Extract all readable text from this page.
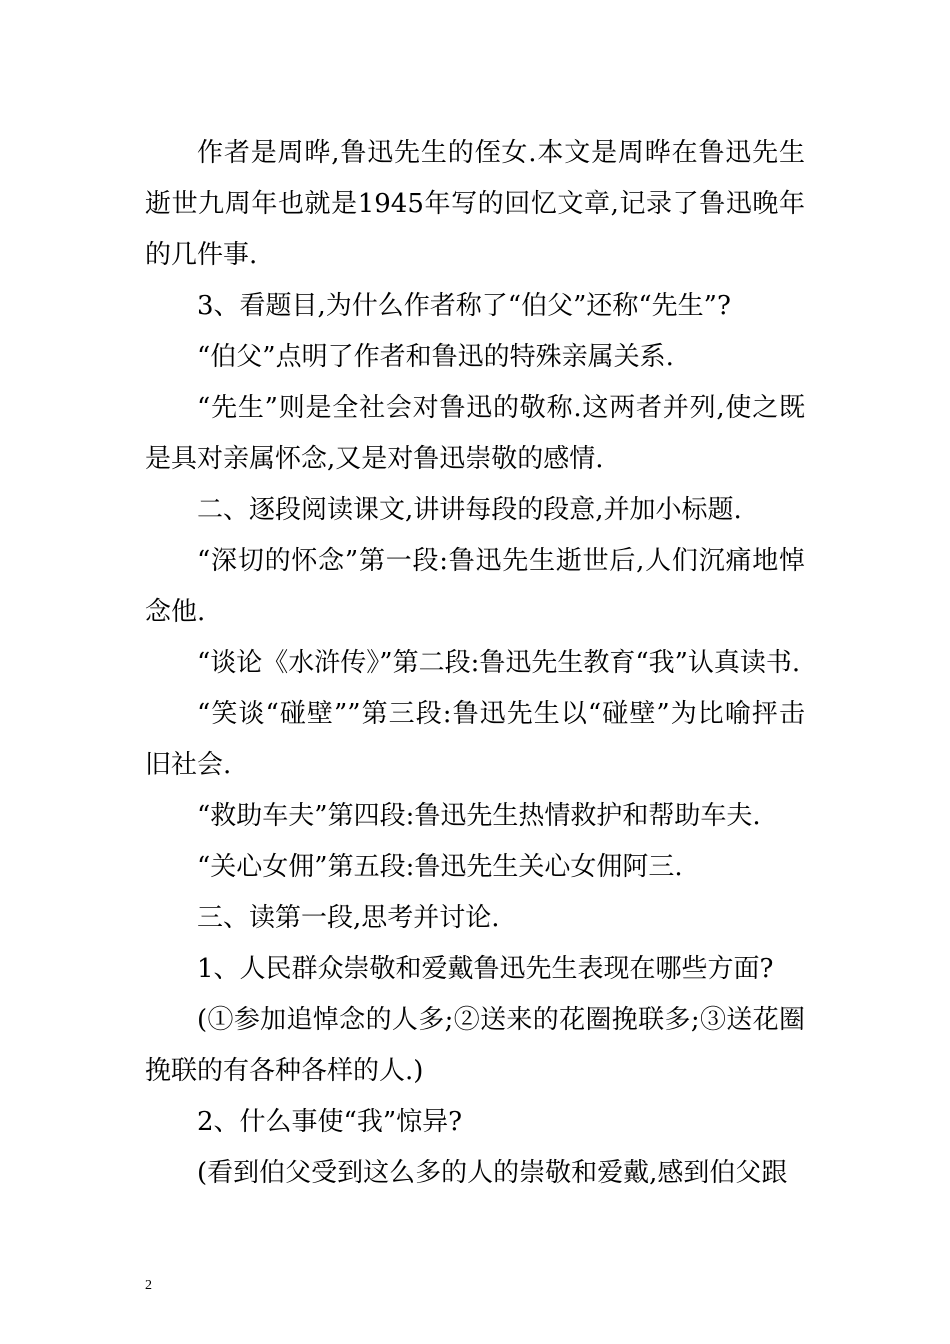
作者是周晔,鲁迅先生的侄女.本文是周晔在鲁迅先生逝世九周年也就是1945年写的回忆文章,记录了鲁迅晚年的几件事.

3、看题目,为什么作者称了“伯父”还称“先生”?

“伯父”点明了作者和鲁迅的特殊亲属关系.

“先生”则是全社会对鲁迅的敬称.这两者并列,使之既是具对亲属怀念,又是对鲁迅崇敬的感情.

二、逐段阅读课文,讲讲每段的段意,并加小标题.

“深切的怀念”第一段:鲁迅先生逝世后,人们沉痛地悼念他.

“谈论《水浒传》”第二段:鲁迅先生教育“我”认真读书.

“笑谈“碰壁””第三段:鲁迅先生以“碰壁”为比喻抨击旧社会.

“救助车夫”第四段:鲁迅先生热情救护和帮助车夫.

“关心女佣”第五段:鲁迅先生关心女佣阿三.

三、读第一段,思考并讨论.

1、人民群众崇敬和爱戴鲁迅先生表现在哪些方面?

(①参加追悼念的人多;②送来的花圈挽联多;③送花圈挽联的有各种各样的人.)

2、什么事使“我”惊异?

(看到伯父受到这么多的人的崇敬和爱戴,感到伯父跟

2
